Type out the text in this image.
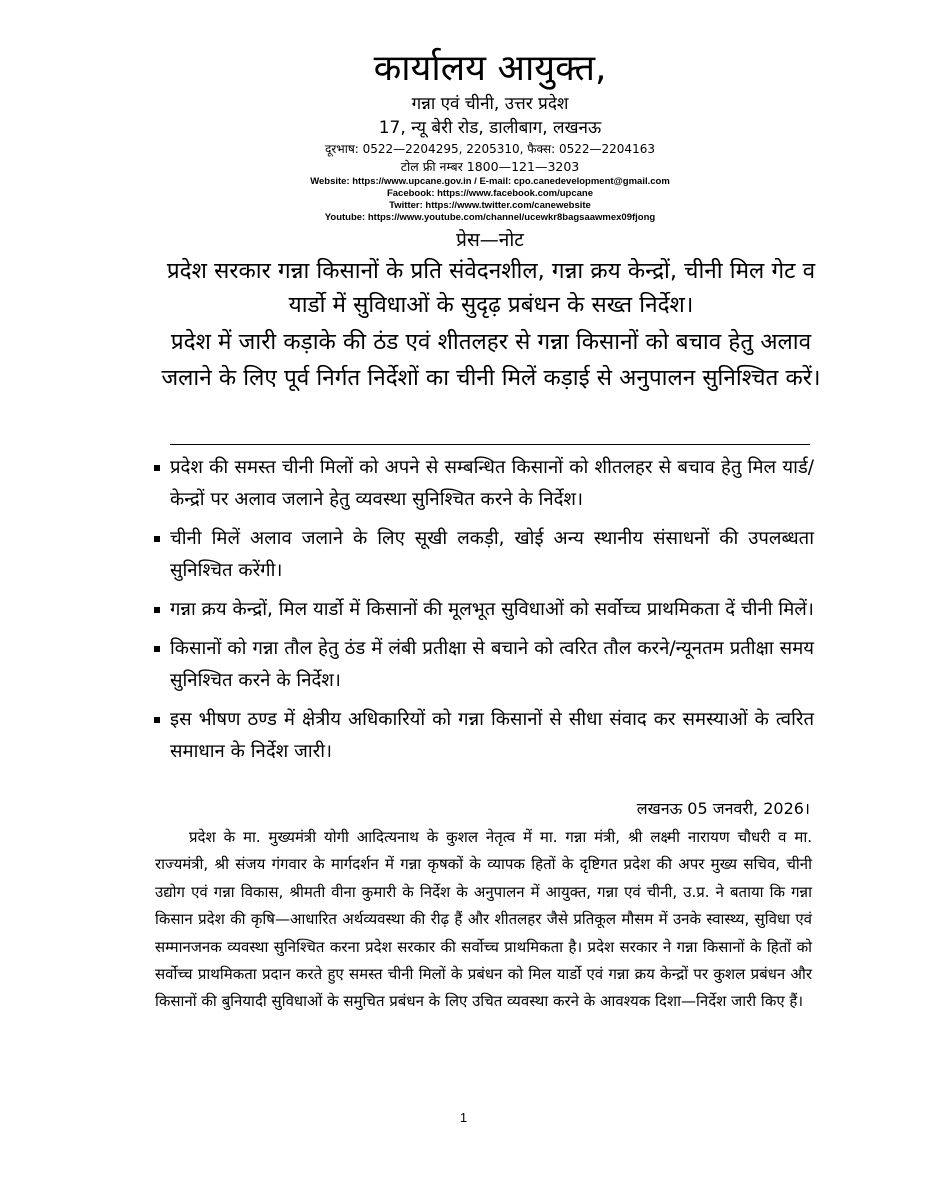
कार्यालय आयुक्त,
गन्ना एवं चीनी, उत्तर प्रदेश
17, न्यू बेरी रोड, डालीबाग, लखनऊ
दूरभाष: 0522—2204295, 2205310, फैक्स: 0522—2204163
टोल फ्री नम्बर 1800—121—3203
Website: https://www.upcane.gov.in / E-mail: cpo.canedevelopment@gmail.com
Facebook: https://www.facebook.com/upcane
Twitter: https://www.twitter.com/canewebsite
Youtube: https://www.youtube.com/channel/ucewkr8bagsaawmex09fjong
प्रेस—नोट
प्रदेश सरकार गन्ना किसानों के प्रति संवेदनशील, गन्ना क्रय केन्द्रों, चीनी मिल गेट व यार्डो में सुविधाओं के सुदृढ़ प्रबंधन के सख्त निर्देश।
प्रदेश में जारी कड़ाके की ठंड एवं शीतलहर से गन्ना किसानों को बचाव हेतु अलाव जलाने के लिए पूर्व निर्गत निर्देशों का चीनी मिलें कड़ाई से अनुपालन सुनिश्चित करें।
प्रदेश की समस्त चीनी मिलों को अपने से सम्बन्धित किसानों को शीतलहर से बचाव हेतु मिल यार्ड/केन्द्रों पर अलाव जलाने हेतु व्यवस्था सुनिश्चित करने के निर्देश।
चीनी मिलें अलाव जलाने के लिए सूखी लकड़ी, खोई अन्य स्थानीय संसाधनों की उपलब्धता सुनिश्चित करेंगी।
गन्ना क्रय केन्द्रों, मिल यार्डो में किसानों की मूलभूत सुविधाओं को सर्वोच्च प्राथमिकता दें चीनी मिलें।
किसानों को गन्ना तौल हेतु ठंड में लंबी प्रतीक्षा से बचाने को त्वरित तौल करने/न्यूनतम प्रतीक्षा समय सुनिश्चित करने के निर्देश।
इस भीषण ठण्ड में क्षेत्रीय अधिकारियों को गन्ना किसानों से सीधा संवाद कर समस्याओं के त्वरित समाधान के निर्देश जारी।
लखनऊ 05 जनवरी, 2026।

प्रदेश के मा. मुख्यमंत्री योगी आदित्यनाथ के कुशल नेतृत्व में मा. गन्ना मंत्री, श्री लक्ष्मी नारायण चौधरी व मा. राज्यमंत्री, श्री संजय गंगवार के मार्गदर्शन में गन्ना कृषकों के व्यापक हितों के दृष्टिगत प्रदेश की अपर मुख्य सचिव, चीनी उद्योग एवं गन्ना विकास, श्रीमती वीना कुमारी के निर्देश के अनुपालन में आयुक्त, गन्ना एवं चीनी, उ.प्र. ने बताया कि गन्ना किसान प्रदेश की कृषि—आधारित अर्थव्यवस्था की रीढ़ हैं और शीतलहर जैसे प्रतिकूल मौसम में उनके स्वास्थ्य, सुविधा एवं सम्मानजनक व्यवस्था सुनिश्चित करना प्रदेश सरकार की सर्वोच्च प्राथमिकता है। प्रदेश सरकार ने गन्ना किसानों के हितों को सर्वोच्च प्राथमिकता प्रदान करते हुए समस्त चीनी मिलों के प्रबंधन को मिल यार्डो एवं गन्ना क्रय केन्द्रों पर कुशल प्रबंधन और किसानों की बुनियादी सुविधाओं के समुचित प्रबंधन के लिए उचित व्यवस्था करने के आवश्यक दिशा—निर्देश जारी किए हैं।

1
